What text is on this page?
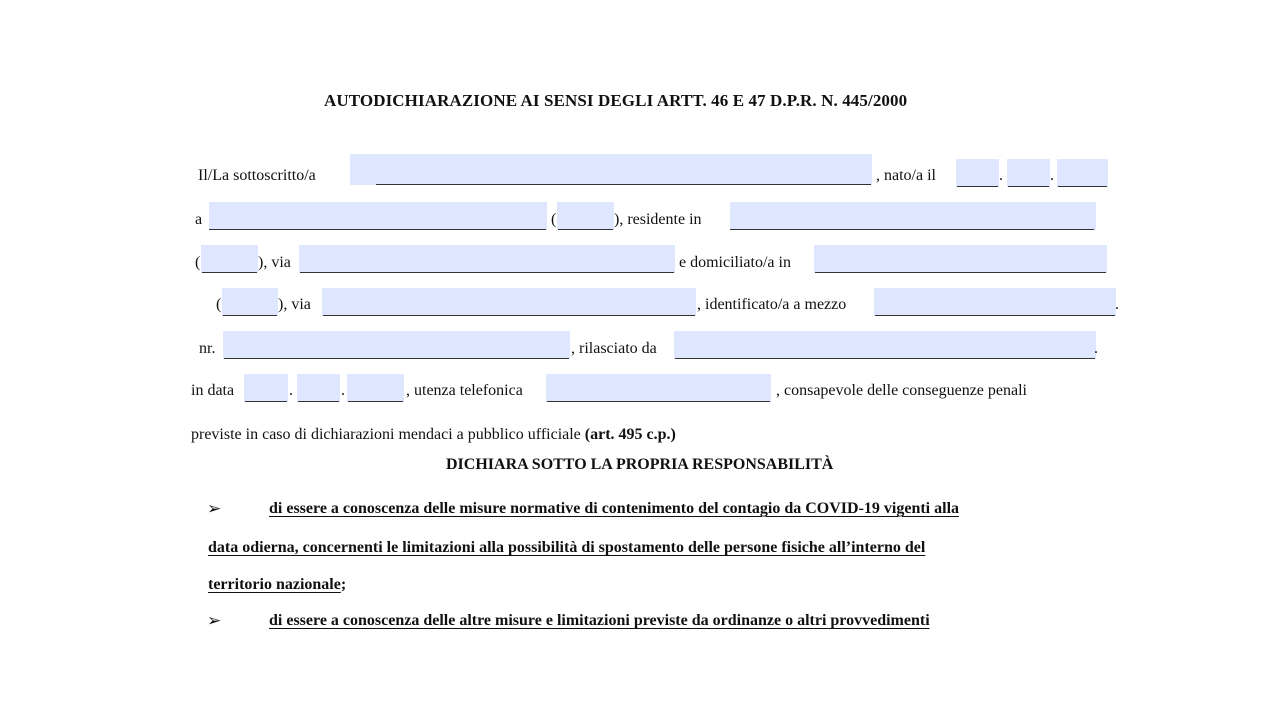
AUTODICHIARAZIONE AI SENSI DEGLI ARTT. 46 E 47 D.P.R. N. 445/2000
Il/La sottoscritto/a	, nato/a il	.	.
a	(	), residente in
(	), via	e domiciliato/a in
(	), via	, identificato/a a mezzo	.
nr.	, rilasciato da	.
in data	.	.	, utenza telefonica	, consapevole delle conseguenze penali
previste in caso di dichiarazioni mendaci a pubblico ufficiale (art. 495 c.p.)
DICHIARA SOTTO LA PROPRIA RESPONSABILITÀ
➢	di essere a conoscenza delle misure normative di contenimento del contagio da COVID-19 vigenti alla
data odierna, concernenti le limitazioni alla possibilità di spostamento delle persone fisiche all’interno del
territorio nazionale;
➢	di essere a conoscenza delle altre misure e limitazioni previste da ordinanze o altri provvedimenti
